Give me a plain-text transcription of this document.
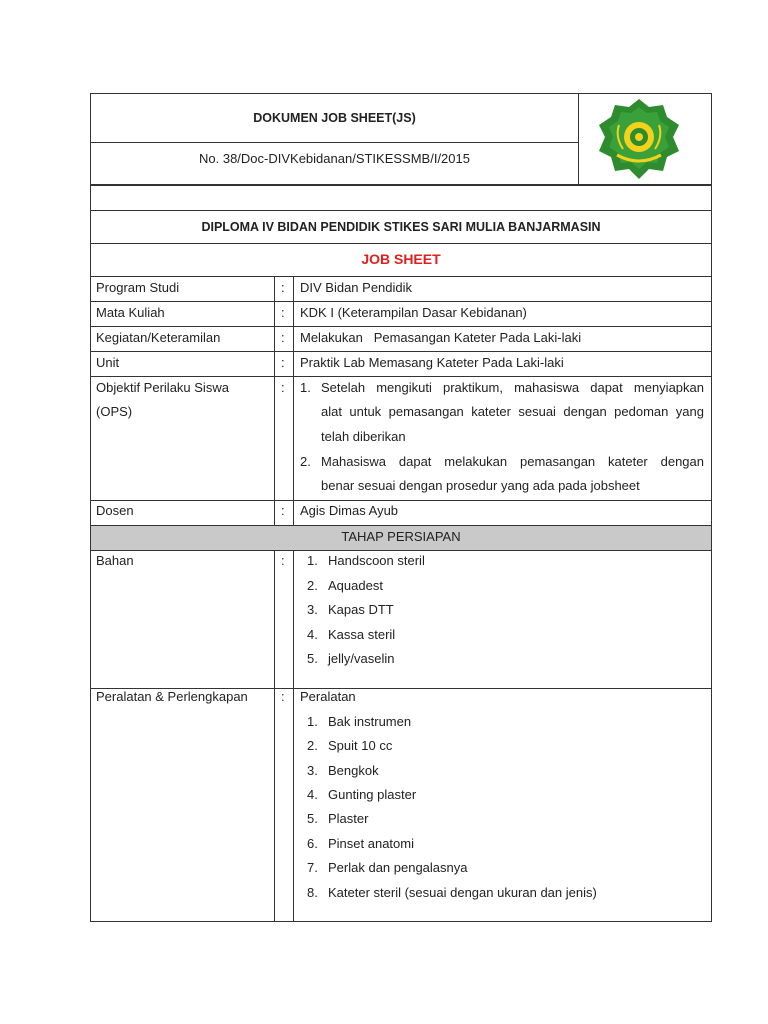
DOKUMEN JOB SHEET(JS)
No. 38/Doc-DIVKebidanan/STIKESSMB/I/2015
DIPLOMA IV BIDAN PENDIDIK STIKES SARI MULIA BANJARMASIN
JOB SHEET
Program Studi	: DIV Bidan Pendidik
Mata Kuliah	: KDK I (Keterampilan Dasar Kebidanan)
Kegiatan/Keteramilan	: Melakukan   Pemasangan Kateter Pada Laki-laki
Unit	: Praktik Lab Memasang Kateter Pada Laki-laki
Objektif Perilaku Siswa
(OPS)
: 1. Setelah mengikuti praktikum, mahasiswa dapat menyiapkan
alat untuk pemasangan kateter sesuai dengan pedoman yang
telah diberikan
2. Mahasiswa dapat melakukan pemasangan kateter dengan
benar sesuai dengan prosedur yang ada pada jobsheet
Dosen	: Agis Dimas Ayub
TAHAP PERSIAPAN
Bahan	: 1. Handscoon steril
2. Aquadest
3. Kapas DTT
4. Kassa steril
5. jelly/vaselin
Peralatan & Perlengkapan	: Peralatan
1. Bak instrumen
2. Spuit 10 cc
3. Bengkok
4. Gunting plaster
5. Plaster
6. Pinset anatomi
7. Perlak dan pengalasnya
8. Kateter steril (sesuai dengan ukuran dan jenis)
